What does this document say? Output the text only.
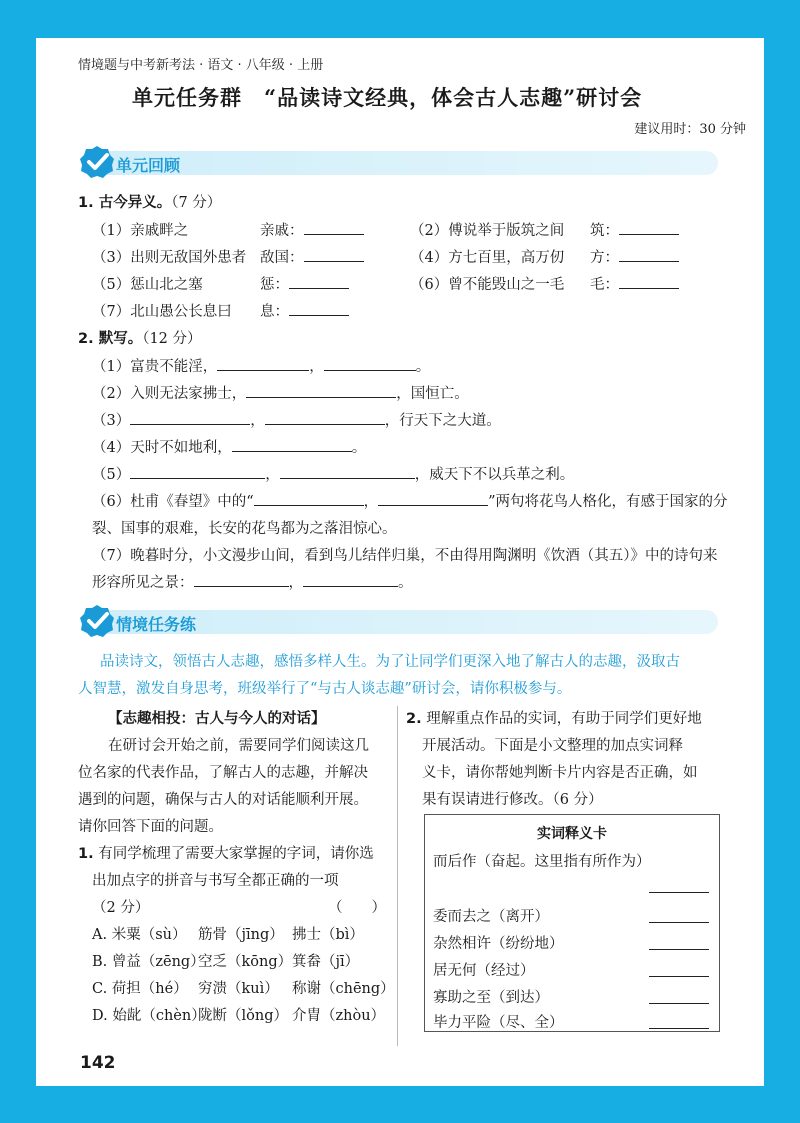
情境题与中考新考法 · 语文 · 八年级 · 上册
单元任务群　“品读诗文经典，体会古人志趣”研讨会
建议用时：30 分钟
单元回顾
1. 古今异义。（7 分）
（1）亲戚畔之	亲戚：	（2）傅说举于版筑之间 筑：
（3）出则无敌国外患者 敌国：	（4）方七百里，高万仞 方：
（5）惩山北之塞	惩：	（6）曾不能毁山之一毛 毛：
（7）北山愚公长息曰 息：
2. 默写。（12 分）
（1）富贵不能淫，	，	。
（2）入则无法家拂士，	，国恒亡。
（3）	，	，行天下之大道。
（4）天时不如地利，	。
（5）	，	，威天下不以兵革之利。
（6）杜甫《春望》中的“	，	”两句将花鸟人格化，有感于国家的分
裂、国事的艰难，长安的花鸟都为之落泪惊心。
（7）晚暮时分，小文漫步山间，看到鸟儿结伴归巢，不由得用陶渊明《饮酒（其五）》中的诗句来
形容所见之景：	，	。
情境任务练
品读诗文，领悟古人志趣，感悟多样人生。为了让同学们更深入地了解古人的志趣，汲取古
人智慧，激发自身思考，班级举行了“与古人谈志趣”研讨会，请你积极参与。
【志趣相投：古人与今人的对话】
在研讨会开始之前，需要同学们阅读这几
位名家的代表作品，了解古人的志趣，并解决
遇到的问题，确保与古人的对话能顺利开展。
请你回答下面的问题。
1. 有同学梳理了需要大家掌握的字词，请你选
出加点字的拼音与书写全都正确的一项
（2 分）	（　　）
A. 米粟（sù） 筋骨（jīng） 拂士（bì）
B. 曾益（zēng）
空乏（kōng） 箕畚（jī）
C. 荷担（hé） 穷溃（kuì） 称谢（chēng）
D. 始龀（chèn）
陇断（lǒng） 介胄（zhòu）
2. 理解重点作品的实词，有助于同学们更好地
开展活动。下面是小文整理的加点实词释
义卡，请你帮她判断卡片内容是否正确，如
果有误请进行修改。（6 分）
实词释义卡
而后作（奋起。这里指有所作为）
委而去之（离开）
杂然相许（纷纷地）
居无何（经过）
寡助之至（到达）
毕力平险（尽、全）
142
